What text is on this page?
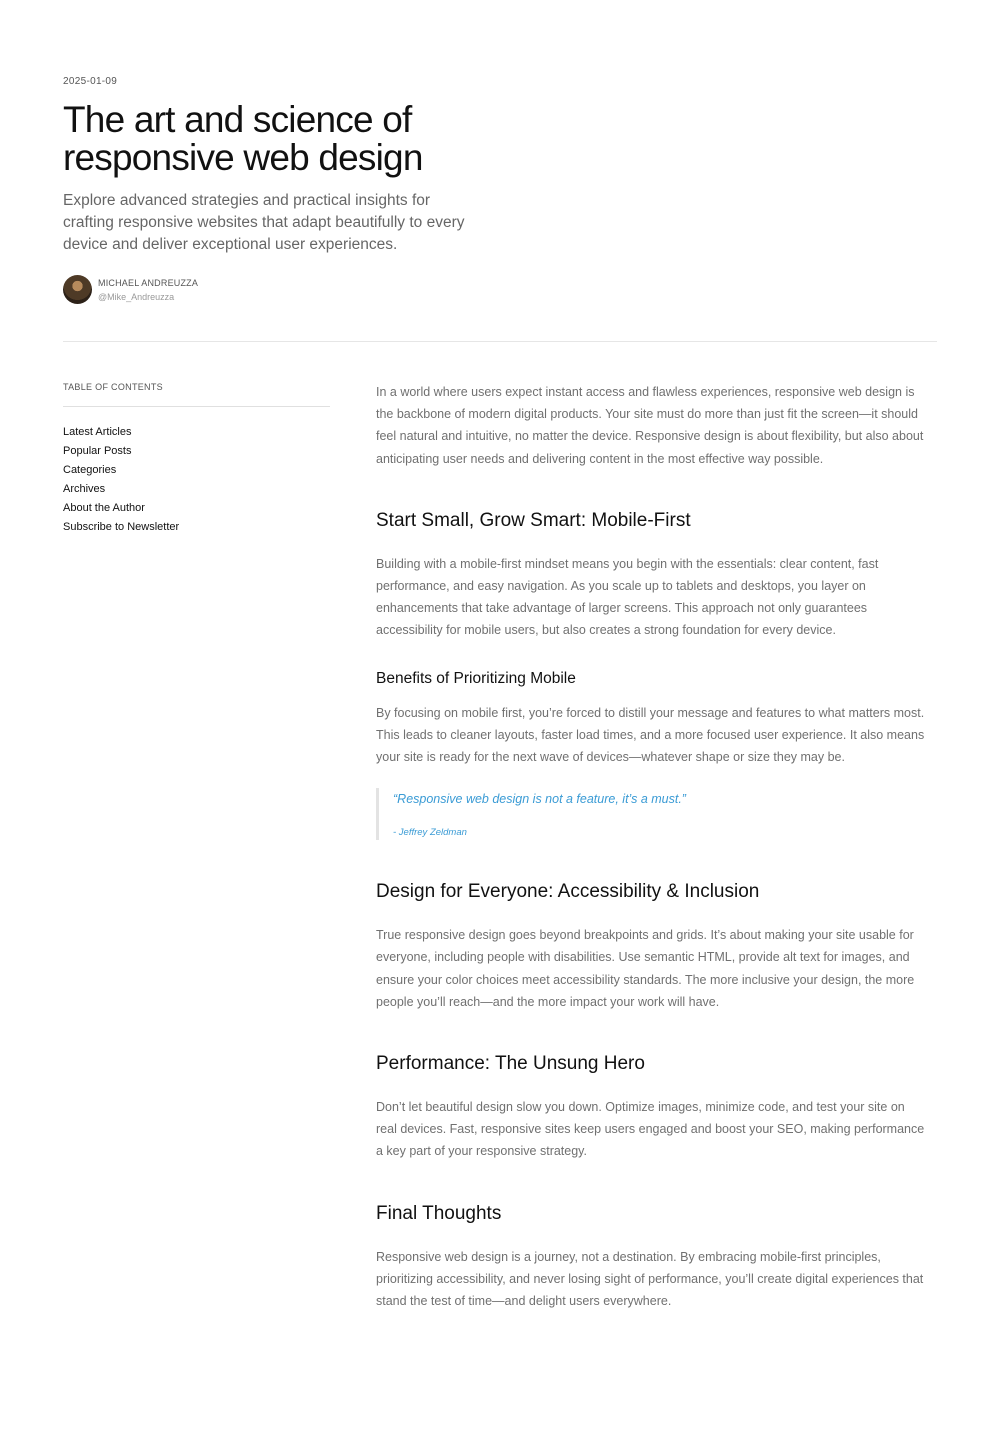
2025-01-09

The art and science of responsive web design

Explore advanced strategies and practical insights for crafting responsive websites that adapt beautifully to every device and deliver exceptional user experiences.

MICHAEL ANDREUZZA
@Mike_Andreuzza
TABLE OF CONTENTS
Latest Articles
Popular Posts
Categories
Archives
About the Author
Subscribe to Newsletter

In a world where users expect instant access and flawless experiences, responsive web design is the backbone of modern digital products. Your site must do more than just fit the screen—it should feel natural and intuitive, no matter the device. Responsive design is about flexibility, but also about anticipating user needs and delivering content in the most effective way possible.

Start Small, Grow Smart: Mobile-First

Building with a mobile-first mindset means you begin with the essentials: clear content, fast performance, and easy navigation. As you scale up to tablets and desktops, you layer on enhancements that take advantage of larger screens. This approach not only guarantees accessibility for mobile users, but also creates a strong foundation for every device.

Benefits of Prioritizing Mobile

By focusing on mobile first, you’re forced to distill your message and features to what matters most. This leads to cleaner layouts, faster load times, and a more focused user experience. It also means your site is ready for the next wave of devices—whatever shape or size they may be.

“Responsive web design is not a feature, it’s a must.”
- Jeffrey Zeldman
Design for Everyone: Accessibility & Inclusion

True responsive design goes beyond breakpoints and grids. It’s about making your site usable for everyone, including people with disabilities. Use semantic HTML, provide alt text for images, and ensure your color choices meet accessibility standards. The more inclusive your design, the more people you’ll reach—and the more impact your work will have.

Performance: The Unsung Hero

Don’t let beautiful design slow you down. Optimize images, minimize code, and test your site on real devices. Fast, responsive sites keep users engaged and boost your SEO, making performance a key part of your responsive strategy.

Final Thoughts

Responsive web design is a journey, not a destination. By embracing mobile-first principles, prioritizing accessibility, and never losing sight of performance, you’ll create digital experiences that stand the test of time—and delight users everywhere.
